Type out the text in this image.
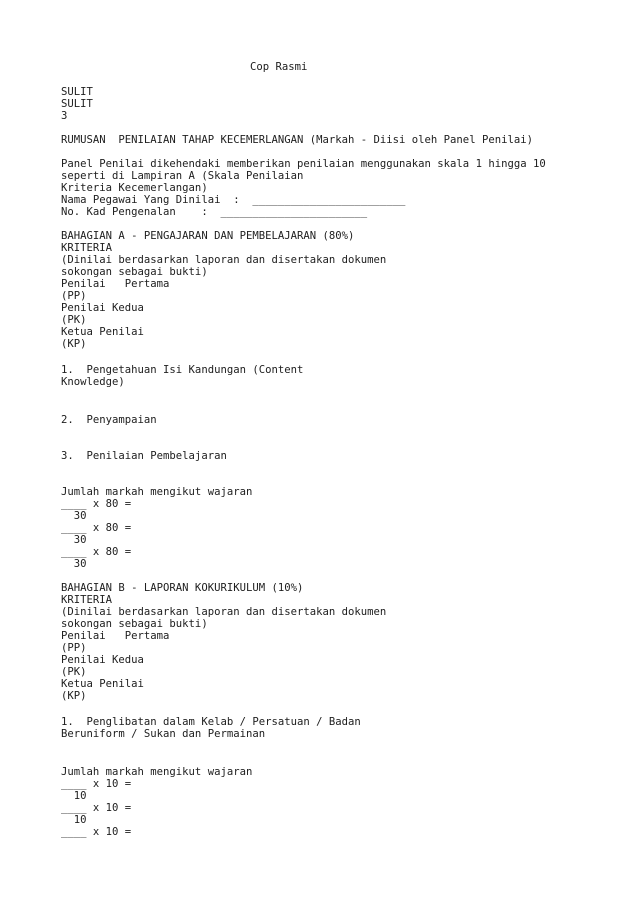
Cop Rasmi

SULIT

SULIT

3

RUMUSAN  PENILAIAN TAHAP KECEMERLANGAN (Markah - Diisi oleh Panel Penilai)

Panel Penilai dikehendaki memberikan penilaian menggunakan skala 1 hingga 10

seperti di Lampiran A (Skala Penilaian

Kriteria Kecemerlangan)

Nama Pegawai Yang Dinilai  :  ________________________

No. Kad Pengenalan    :  _______________________

BAHAGIAN A - PENGAJARAN DAN PEMBELAJARAN (80%)

KRITERIA

(Dinilai berdasarkan laporan dan disertakan dokumen

sokongan sebagai bukti)

Penilai   Pertama

(PP)

Penilai Kedua

(PK)

Ketua Penilai

(KP)

1.  Pengetahuan Isi Kandungan (Content

Knowledge)

2.  Penyampaian

3.  Penilaian Pembelajaran

Jumlah markah mengikut wajaran

____ x 80 =

30

____ x 80 =

30

____ x 80 =

30

BAHAGIAN B - LAPORAN KOKURIKULUM (10%)

KRITERIA

(Dinilai berdasarkan laporan dan disertakan dokumen

sokongan sebagai bukti)

Penilai   Pertama

(PP)

Penilai Kedua

(PK)

Ketua Penilai

(KP)

1.  Penglibatan dalam Kelab / Persatuan / Badan

Beruniform / Sukan dan Permainan

Jumlah markah mengikut wajaran

____ x 10 =

10

____ x 10 =

10

____ x 10 =
